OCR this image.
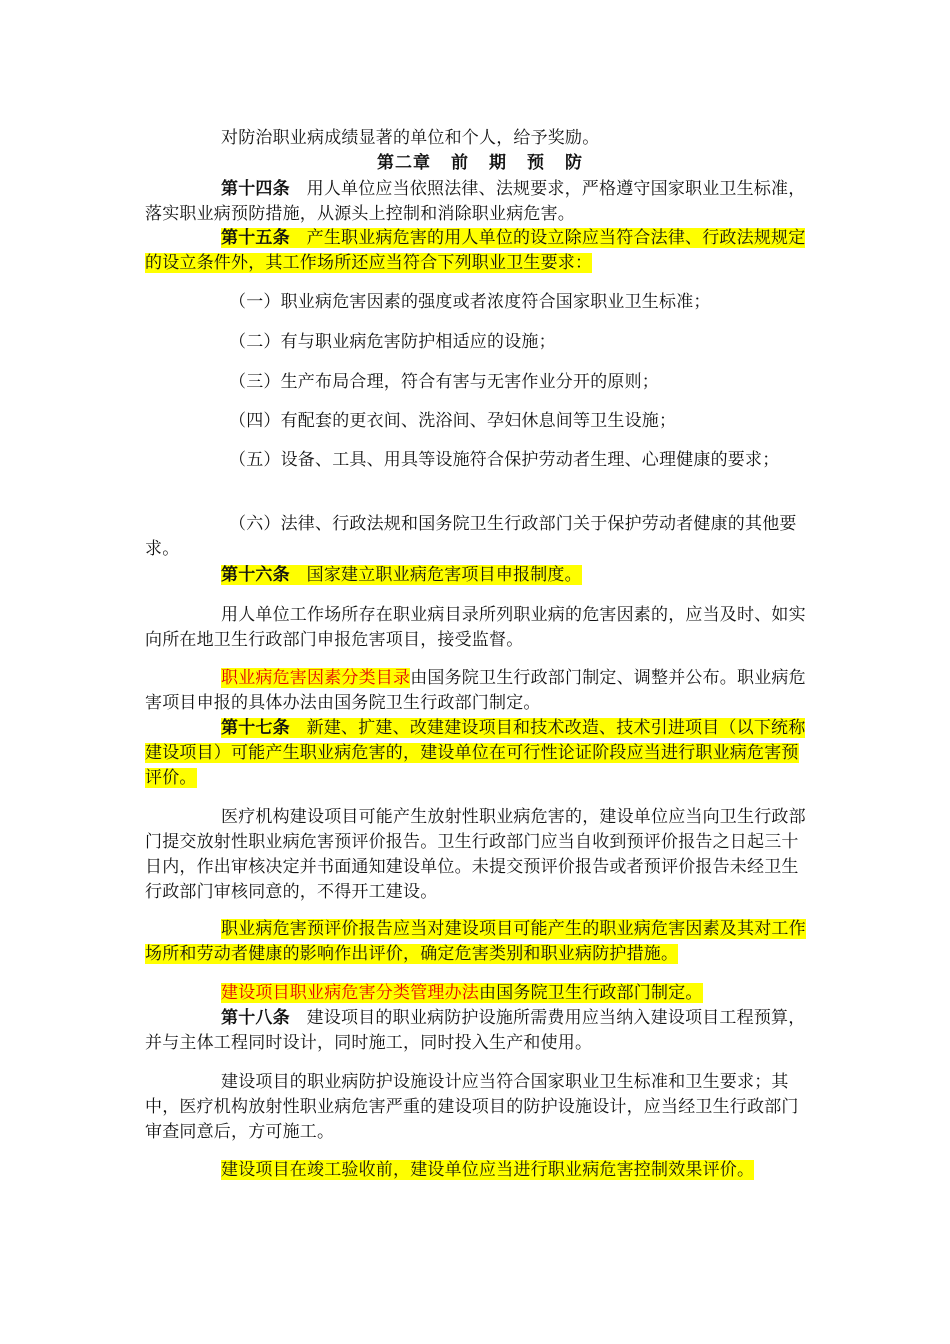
对防治职业病成绩显著的单位和个人，给予奖励。
第二章 前 期 预 防
第十四条 用人单位应当依照法律、法规要求，严格遵守国家职业卫生标准，落实职业病预防措施，从源头上控制和消除职业病危害。
第十五条 产生职业病危害的用人单位的设立除应当符合法律、行政法规规定的设立条件外，其工作场所还应当符合下列职业卫生要求：
（一）职业病危害因素的强度或者浓度符合国家职业卫生标准；
（二）有与职业病危害防护相适应的设施；
（三）生产布局合理，符合有害与无害作业分开的原则；
（四）有配套的更衣间、洗浴间、孕妇休息间等卫生设施；
（五）设备、工具、用具等设施符合保护劳动者生理、心理健康的要求；
（六）法律、行政法规和国务院卫生行政部门关于保护劳动者健康的其他要求。
第十六条 国家建立职业病危害项目申报制度。
用人单位工作场所存在职业病目录所列职业病的危害因素的，应当及时、如实向所在地卫生行政部门申报危害项目，接受监督。
职业病危害因素分类目录由国务院卫生行政部门制定、调整并公布。职业病危害项目申报的具体办法由国务院卫生行政部门制定。
第十七条 新建、扩建、改建建设项目和技术改造、技术引进项目（以下统称建设项目）可能产生职业病危害的，建设单位在可行性论证阶段应当进行职业病危害预评价。
医疗机构建设项目可能产生放射性职业病危害的，建设单位应当向卫生行政部门提交放射性职业病危害预评价报告。卫生行政部门应当自收到预评价报告之日起三十日内，作出审核决定并书面通知建设单位。未提交预评价报告或者预评价报告未经卫生行政部门审核同意的，不得开工建设。
职业病危害预评价报告应当对建设项目可能产生的职业病危害因素及其对工作场所和劳动者健康的影响作出评价，确定危害类别和职业病防护措施。
建设项目职业病危害分类管理办法由国务院卫生行政部门制定。
第十八条 建设项目的职业病防护设施所需费用应当纳入建设项目工程预算，并与主体工程同时设计，同时施工，同时投入生产和使用。
建设项目的职业病防护设施设计应当符合国家职业卫生标准和卫生要求；其中，医疗机构放射性职业病危害严重的建设项目的防护设施设计，应当经卫生行政部门审查同意后，方可施工。
建设项目在竣工验收前，建设单位应当进行职业病危害控制效果评价。
